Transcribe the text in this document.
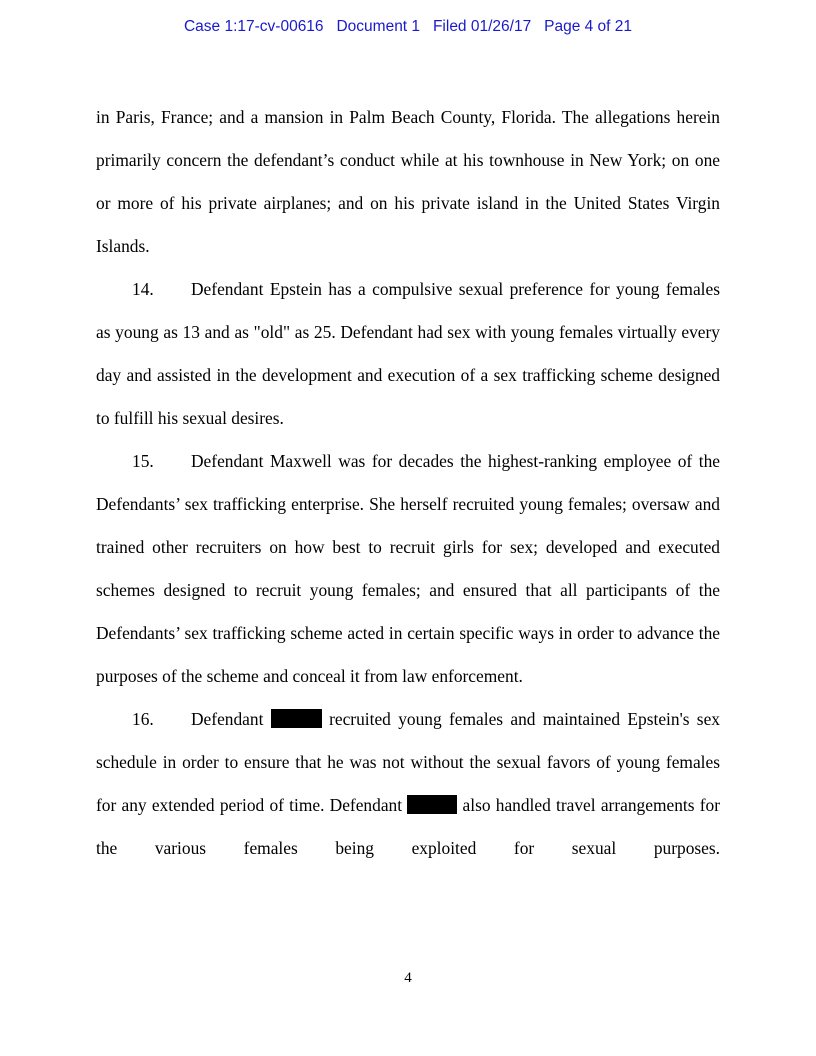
Case 1:17-cv-00616   Document 1   Filed 01/26/17   Page 4 of 21

in Paris, France; and a mansion in Palm Beach County, Florida. The allegations herein primarily concern the defendant’s conduct while at his townhouse in New York; on one or more of his private airplanes; and on his private island in the United States Virgin Islands.

14. Defendant Epstein has a compulsive sexual preference for young females as young as 13 and as "old" as 25. Defendant had sex with young females virtually every day and assisted in the development and execution of a sex trafficking scheme designed to fulfill his sexual desires.

15. Defendant Maxwell was for decades the highest-ranking employee of the Defendants’ sex trafficking enterprise. She herself recruited young females; oversaw and trained other recruiters on how best to recruit girls for sex; developed and executed schemes designed to recruit young females; and ensured that all participants of the Defendants’ sex trafficking scheme acted in certain specific ways in order to advance the purposes of the scheme and conceal it from law enforcement.

16. Defendant	recruited young females and maintained Epstein's sex schedule in order to ensure that he was not without the sexual favors of young females for any extended period of time. Defendant	also handled travel arrangements for the various females being exploited for sexual purposes.

4
